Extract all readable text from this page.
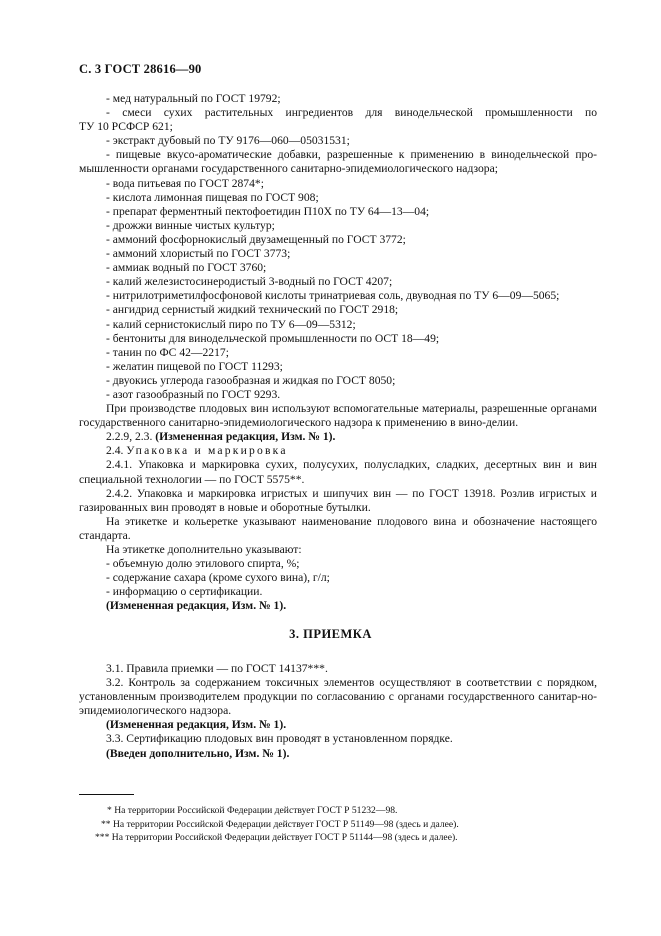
С. 3 ГОСТ 28616—90
- мед натуральный по ГОСТ 19792;
- смеси сухих растительных ингредиентов для винодельческой промышленности по
ТУ 10 РСФСР 621;
- экстракт дубовый по ТУ 9176—060—05031531;
- пищевые вкусо-ароматические добавки, разрешенные к применению в винодельческой про-
мышленности органами государственного санитарно-эпидемиологического надзора;
- вода питьевая по ГОСТ 2874*;
- кислота лимонная пищевая по ГОСТ 908;
- препарат ферментный пектофоетидин П10Х по ТУ 64—13—04;
- дрожжи винные чистых культур;
- аммоний фосфорнокислый двузамещенный по ГОСТ 3772;
- аммоний хлористый по ГОСТ 3773;
- аммиак водный по ГОСТ 3760;
- калий железистосинеродистый 3-водный по ГОСТ 4207;
- нитрилотриметилфосфоновой кислоты тринатриевая соль, двуводная по ТУ 6—09—5065;
- ангидрид сернистый жидкий технический по ГОСТ 2918;
- калий сернистокислый пиро по ТУ 6—09—5312;
- бентониты для винодельческой промышленности по ОСТ 18—49;
- танин по ФС 42—2217;
- желатин пищевой по ГОСТ 11293;
- двуокись углерода газообразная и жидкая по ГОСТ 8050;
- азот газообразный по ГОСТ 9293.
При производстве плодовых вин используют вспомогательные материалы, разрешенные органами государственного санитарно-эпидемиологического надзора к применению в вино-делии.
2.2.9, 2.3. (Измененная редакция, Изм. № 1).
2.4. Упаковка и маркировка
2.4.1. Упаковка и маркировка сухих, полусухих, полусладких, сладких, десертных вин и вин специальной технологии — по ГОСТ 5575**.
2.4.2. Упаковка и маркировка игристых и шипучих вин — по ГОСТ 13918. Розлив игристых и газированных вин проводят в новые и оборотные бутылки.
На этикетке и кольеретке указывают наименование плодового вина и обозначение настоящего стандарта.
На этикетке дополнительно указывают:
- объемную долю этилового спирта, %;
- содержание сахара (кроме сухого вина), г/л;
- информацию о сертификации.
(Измененная редакция, Изм. № 1).
3. ПРИЕМКА
3.1. Правила приемки — по ГОСТ 14137***.
3.2. Контроль за содержанием токсичных элементов осуществляют в соответствии с порядком, установленным производителем продукции по согласованию с органами государственного санитар-но-эпидемиологического надзора.
(Измененная редакция, Изм. № 1).
3.3. Сертификацию плодовых вин проводят в установленном порядке.
(Введен дополнительно, Изм. № 1).
* На территории Российской Федерации действует ГОСТ Р 51232—98.
** На территории Российской Федерации действует ГОСТ Р 51149—98 (здесь и далее).
*** На территории Российской Федерации действует ГОСТ Р 51144—98 (здесь и далее).
